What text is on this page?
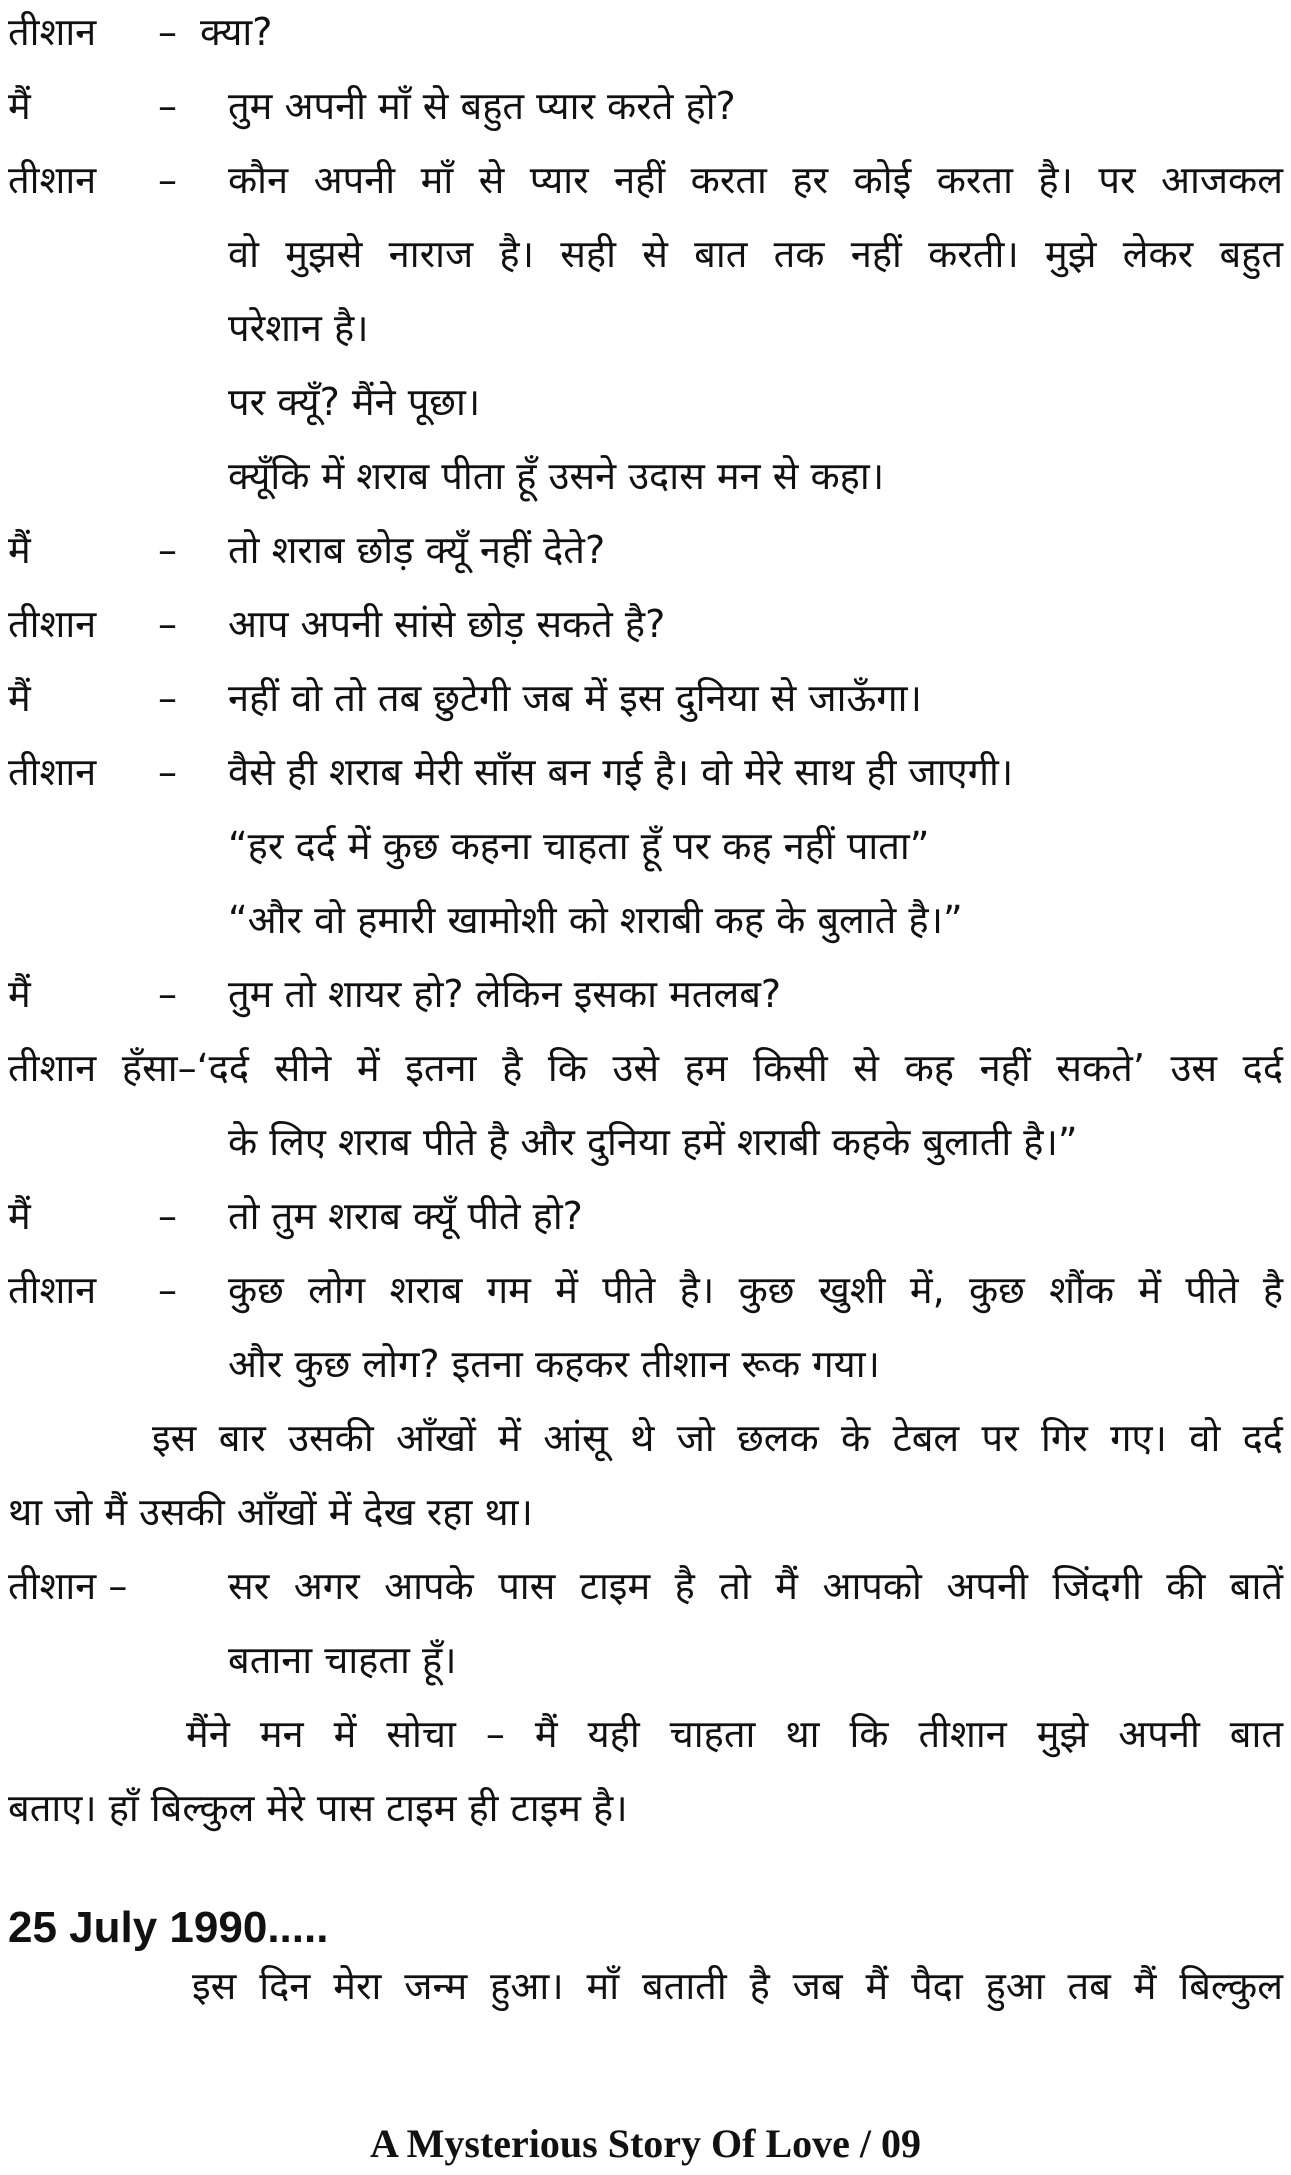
तीशान – क्या?
मैं	– तुम अपनी माँ से बहुत प्यार करते हो?
तीशान – कौन अपनी माँ से प्यार नहीं करता हर कोई करता है। पर आजकल
वो मुझसे नाराज है। सही से बात तक नहीं करती। मुझे लेकर बहुत
परेशान है।
पर क्यूँ? मैंने पूछा।
क्यूँकि में शराब पीता हूँ उसने उदास मन से कहा।
मैं	– तो शराब छोड़ क्यूँ नहीं देते?
तीशान – आप अपनी सांसे छोड़ सकते है?
मैं	– नहीं वो तो तब छुटेगी जब में इस दुनिया से जाऊँगा।
तीशान – वैसे ही शराब मेरी साँस बन गई है। वो मेरे साथ ही जाएगी।
“हर दर्द में कुछ कहना चाहता हूँ पर कह नहीं पाता”
“और वो हमारी खामोशी को शराबी कह के बुलाते है।”
मैं	– तुम तो शायर हो? लेकिन इसका मतलब?
तीशान हँसा–‘दर्द सीने में इतना है कि उसे हम किसी से कह नहीं सकते’ उस दर्द
के लिए शराब पीते है और दुनिया हमें शराबी कहके बुलाती है।”
मैं	– तो तुम शराब क्यूँ पीते हो?
तीशान – कुछ लोग शराब गम में पीते है। कुछ खुशी में, कुछ शौंक में पीते है
और कुछ लोग? इतना कहकर तीशान रूक गया।
इस बार उसकी आँखों में आंसू थे जो छलक के टेबल पर गिर गए। वो दर्द
था जो मैं उसकी आँखों में देख रहा था।
तीशान –	सर अगर आपके पास टाइम है तो मैं आपको अपनी जिंदगी की बातें
बताना चाहता हूँ।
मैंने मन में सोचा – मैं यही चाहता था कि तीशान मुझे अपनी बात
बताए। हाँ बिल्कुल मेरे पास टाइम ही टाइम है।
25 July 1990.....
इस दिन मेरा जन्म हुआ। माँ बताती है जब मैं पैदा हुआ तब मैं बिल्कुल
A Mysterious Story Of Love / 09
